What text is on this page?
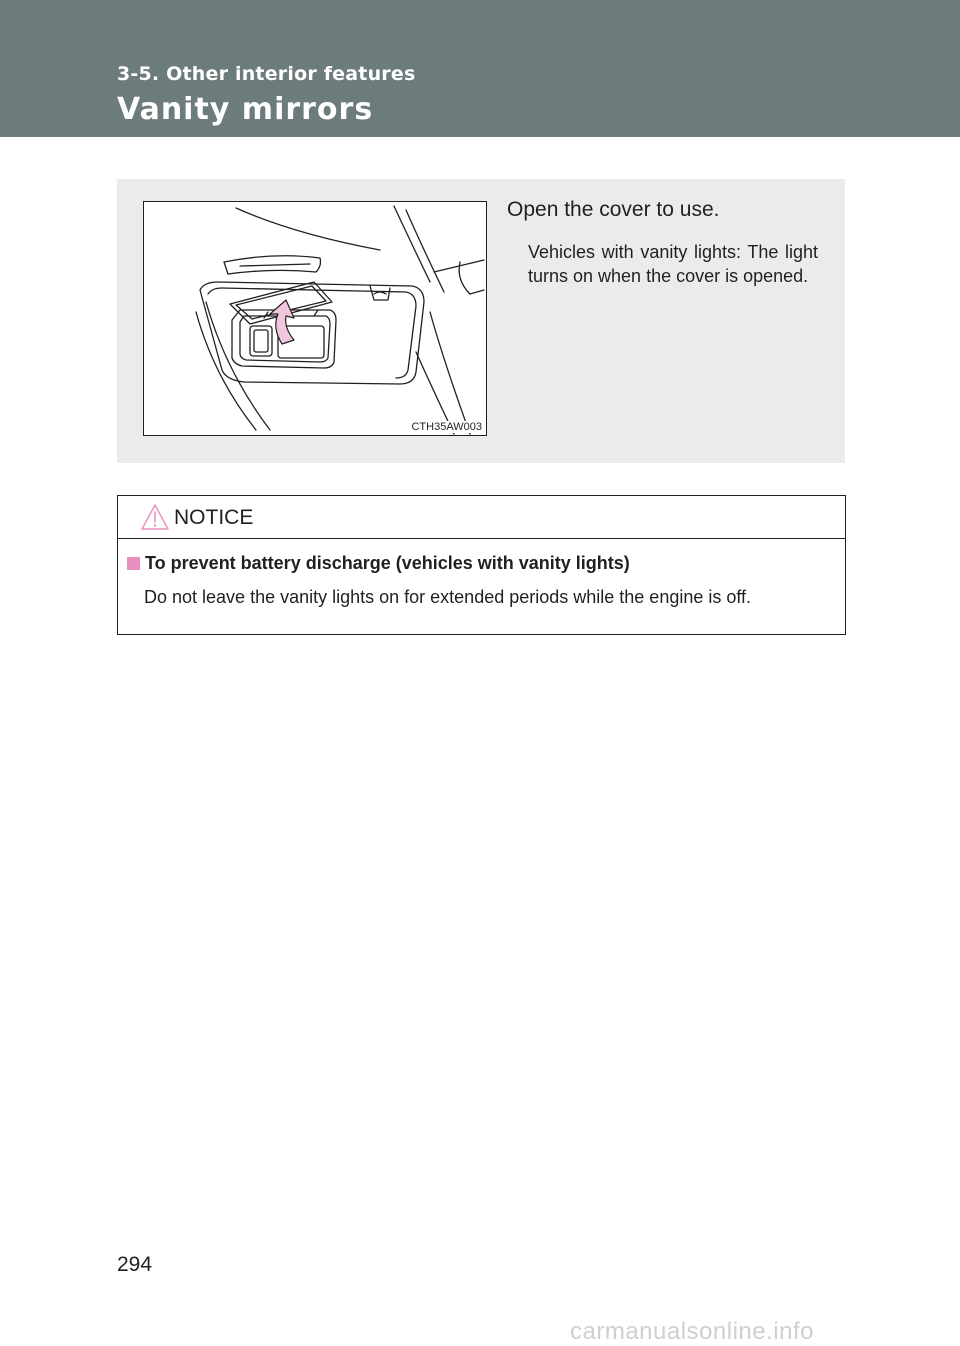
3-5. Other interior features
Vanity mirrors
CTH35AW003

Open the cover to use.

Vehicles with vanity lights: The light turns on when the cover is opened.

NOTICE

To prevent battery discharge (vehicles with vanity lights)

Do not leave the vanity lights on for extended periods while the engine is off.

294
carmanualsonline.info
